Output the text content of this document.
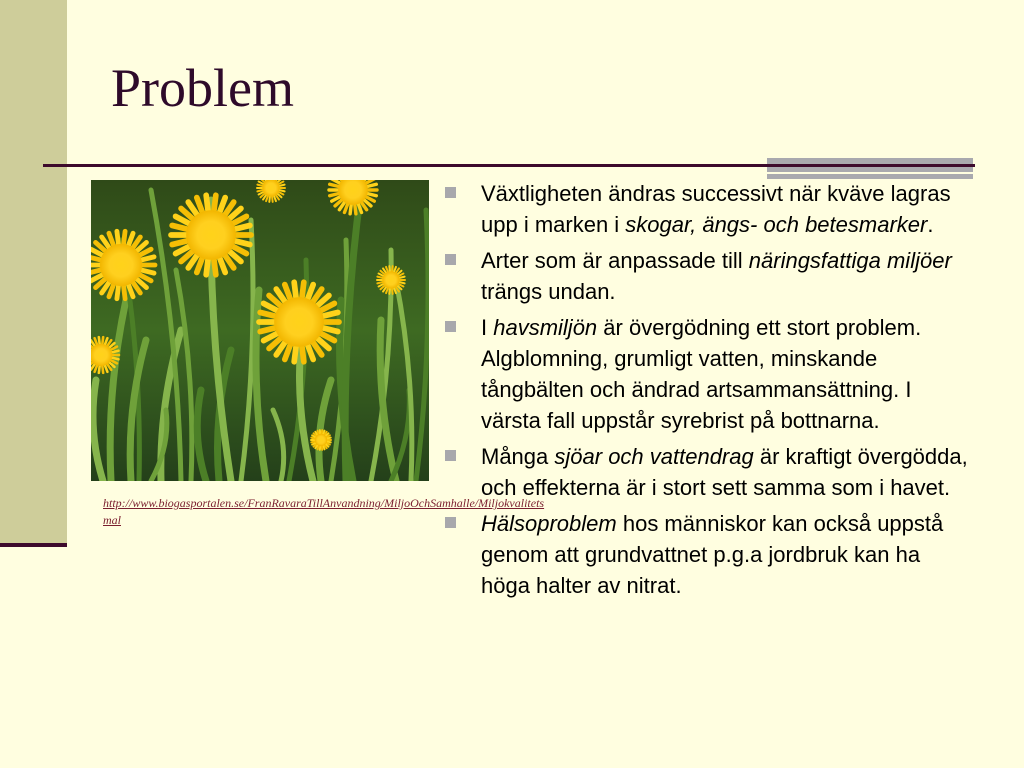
Problem
http://www.biogasportalen.se/FranRavaraTillAnvandning/MiljoOchSamhalle/Miljokvalitetsmal
Växtligheten ändras successivt när kväve lagras upp i marken i skogar, ängs- och betesmarker.
Arter som är anpassade till näringsfattiga miljöer trängs undan.
I havsmiljön är övergödning ett stort problem. Algblomning, grumligt vatten, minskande tångbälten och ändrad artsammansättning. I värsta fall uppstår syrebrist på bottnarna.
Många sjöar och vattendrag är kraftigt övergödda, och effekterna är i stort sett samma som i havet.
Hälsoproblem hos människor kan också uppstå genom att grundvattnet p.g.a jordbruk kan ha höga halter av nitrat.
